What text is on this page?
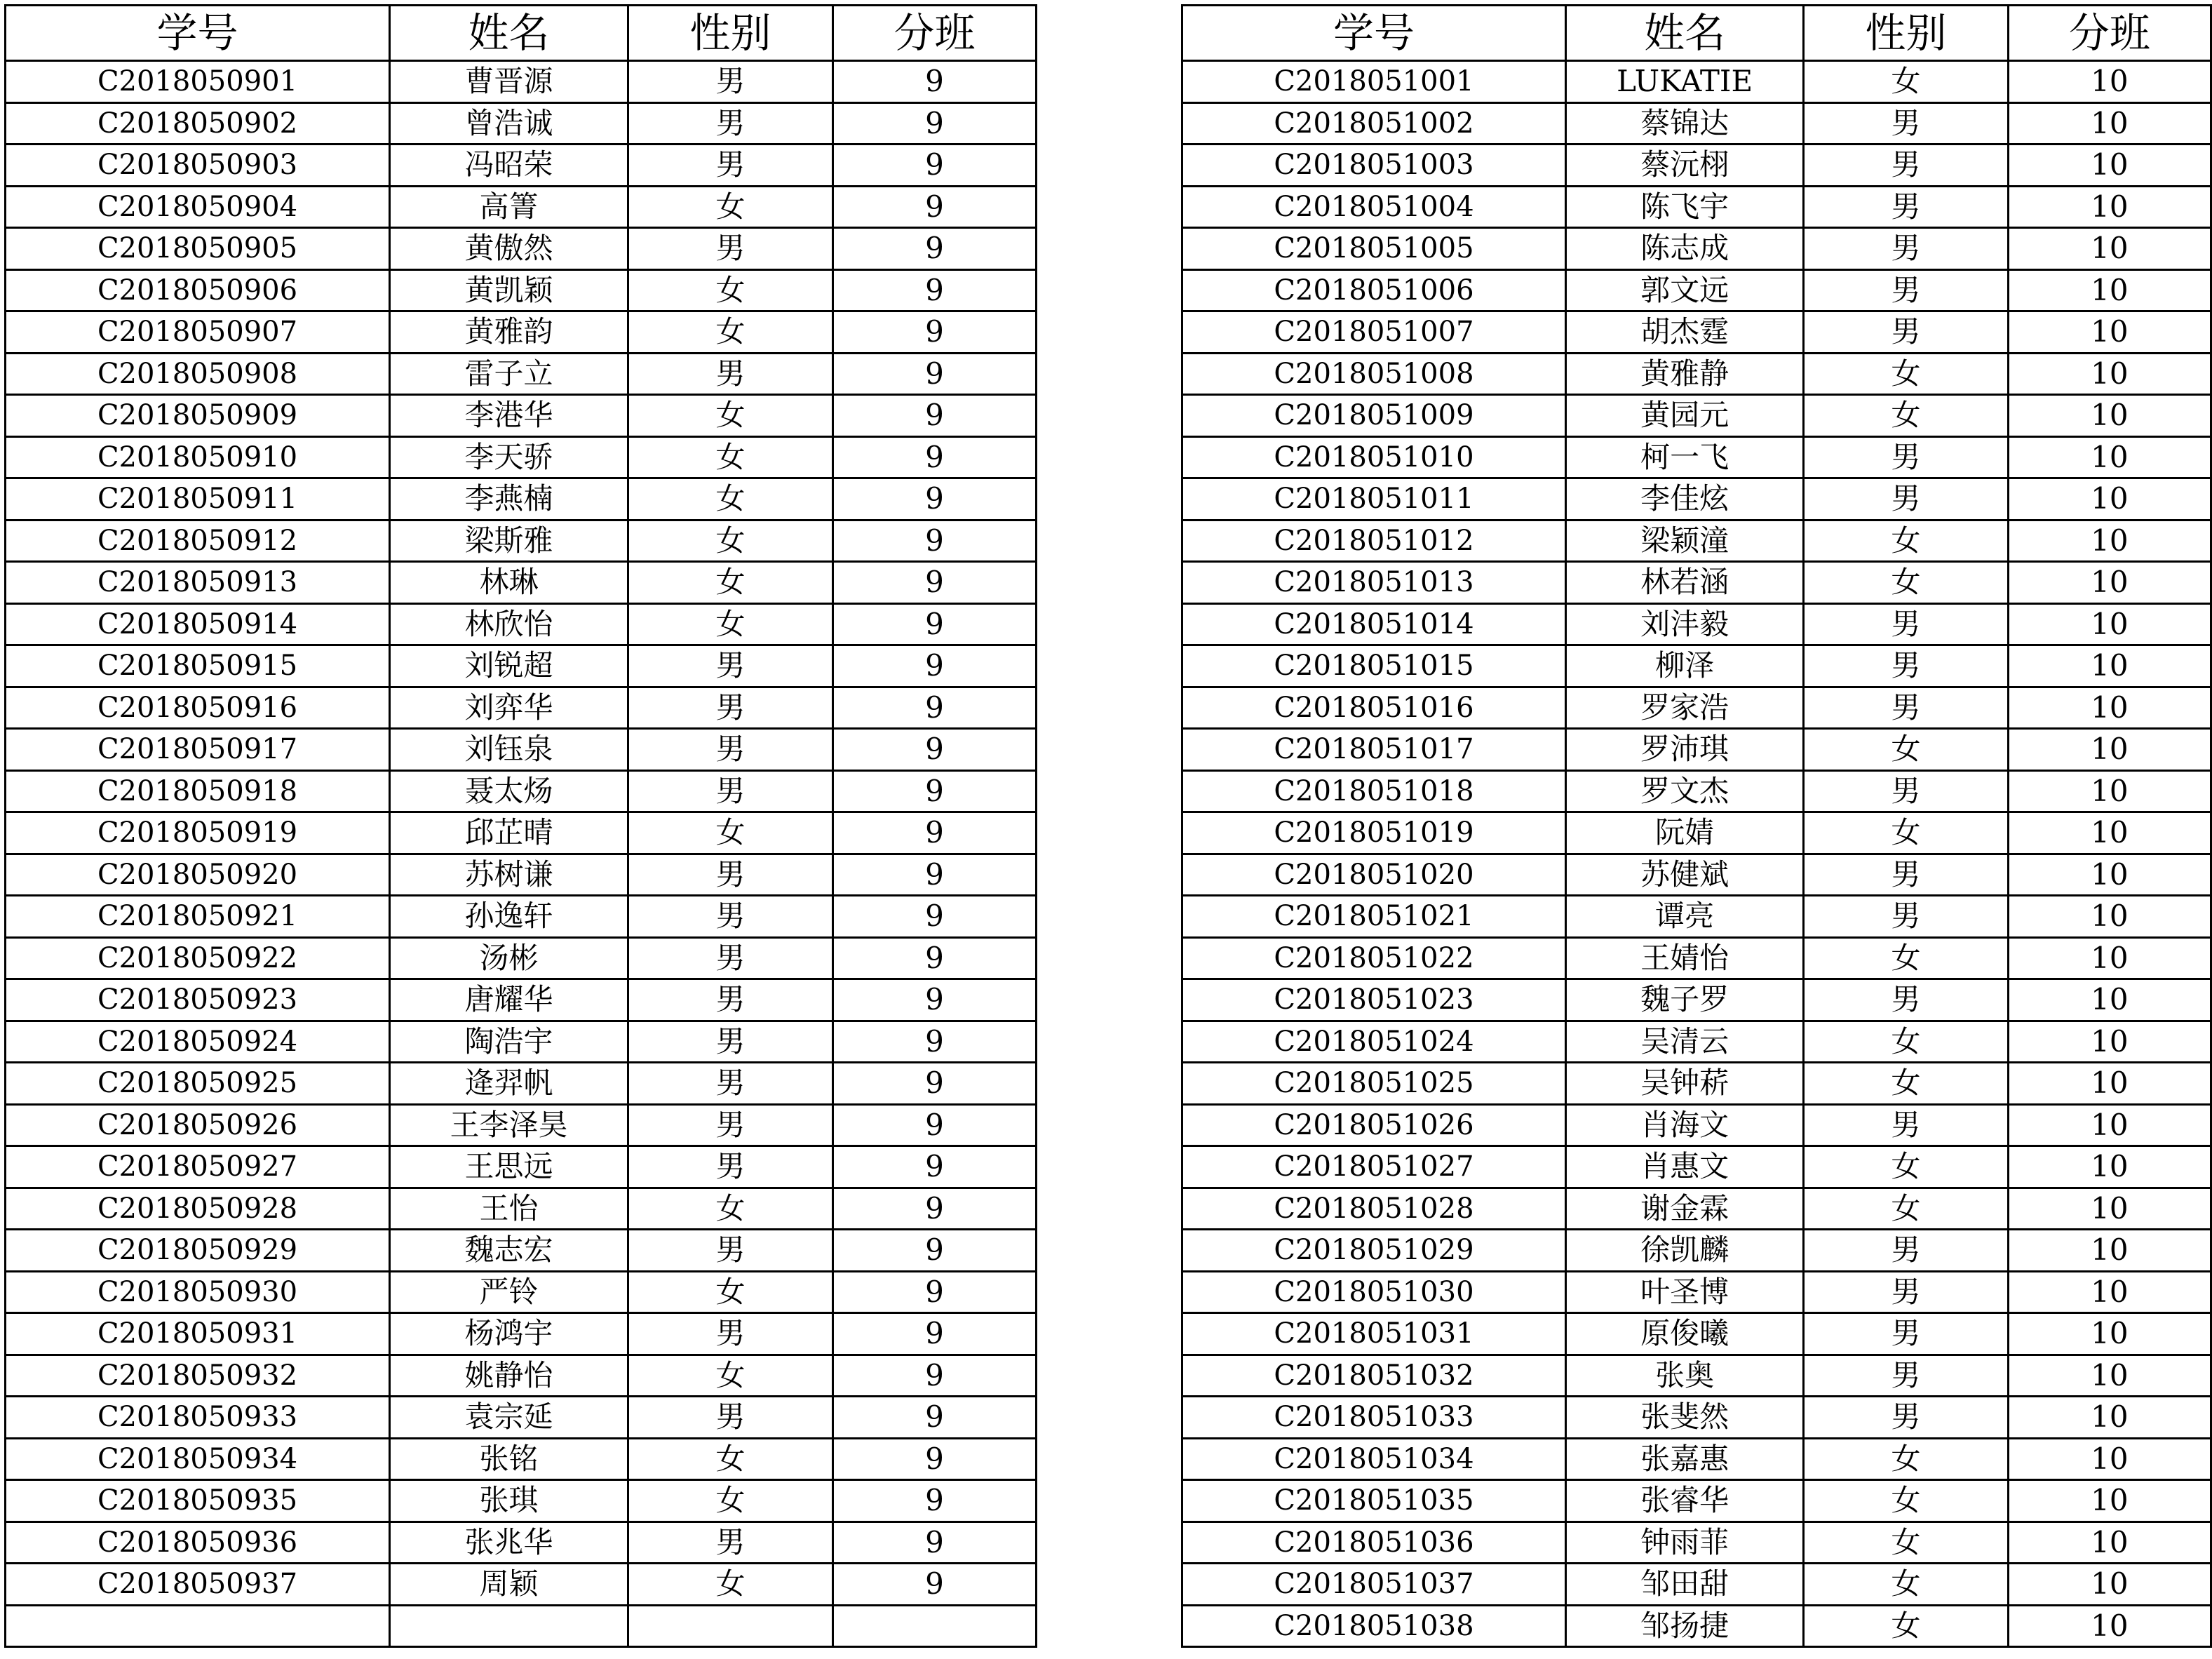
学号	姓名	性别	分班
C2018050901	曹晋源	男	9
C2018050902	曾浩诚	男	9
C2018050903	冯昭荣	男	9
C2018050904	高箐	女	9
C2018050905	黄傲然	男	9
C2018050906	黄凯颖	女	9
C2018050907	黄雅韵	女	9
C2018050908	雷子立	男	9
C2018050909	李港华	女	9
C2018050910	李天骄	女	9
C2018050911	李燕楠	女	9
C2018050912	梁斯雅	女	9
C2018050913	林琳	女	9
C2018050914	林欣怡	女	9
C2018050915	刘锐超	男	9
C2018050916	刘弈华	男	9
C2018050917	刘钰泉	男	9
C2018050918	聂太炀	男	9
C2018050919	邱芷晴	女	9
C2018050920	苏树谦	男	9
C2018050921	孙逸轩	男	9
C2018050922	汤彬	男	9
C2018050923	唐耀华	男	9
C2018050924	陶浩宇	男	9
C2018050925	逄羿帆	男	9
C2018050926	王李泽昊	男	9
C2018050927	王思远	男	9
C2018050928	王怡	女	9
C2018050929	魏志宏	男	9
C2018050930	严铃	女	9
C2018050931	杨鸿宇	男	9
C2018050932	姚静怡	女	9
C2018050933	袁宗延	男	9
C2018050934	张铭	女	9
C2018050935	张琪	女	9
C2018050936	张兆华	男	9
C2018050937	周颖	女	9

学号	姓名	性别	分班
C2018051001	LUKATIE	女	10
C2018051002	蔡锦达	男	10
C2018051003	蔡沅栩	男	10
C2018051004	陈飞宇	男	10
C2018051005	陈志成	男	10
C2018051006	郭文远	男	10
C2018051007	胡杰霆	男	10
C2018051008	黄雅静	女	10
C2018051009	黄园元	女	10
C2018051010	柯一飞	男	10
C2018051011	李佳炫	男	10
C2018051012	梁颖潼	女	10
C2018051013	林若涵	女	10
C2018051014	刘沣毅	男	10
C2018051015	柳泽	男	10
C2018051016	罗家浩	男	10
C2018051017	罗沛琪	女	10
C2018051018	罗文杰	男	10
C2018051019	阮婧	女	10
C2018051020	苏健斌	男	10
C2018051021	谭亮	男	10
C2018051022	王婧怡	女	10
C2018051023	魏子罗	男	10
C2018051024	吴清云	女	10
C2018051025	吴钟菥	女	10
C2018051026	肖海文	男	10
C2018051027	肖惠文	女	10
C2018051028	谢金霖	女	10
C2018051029	徐凯麟	男	10
C2018051030	叶圣博	男	10
C2018051031	原俊曦	男	10
C2018051032	张奥	男	10
C2018051033	张斐然	男	10
C2018051034	张嘉惠	女	10
C2018051035	张睿华	女	10
C2018051036	钟雨菲	女	10
C2018051037	邹田甜	女	10
C2018051038	邹扬捷	女	10
